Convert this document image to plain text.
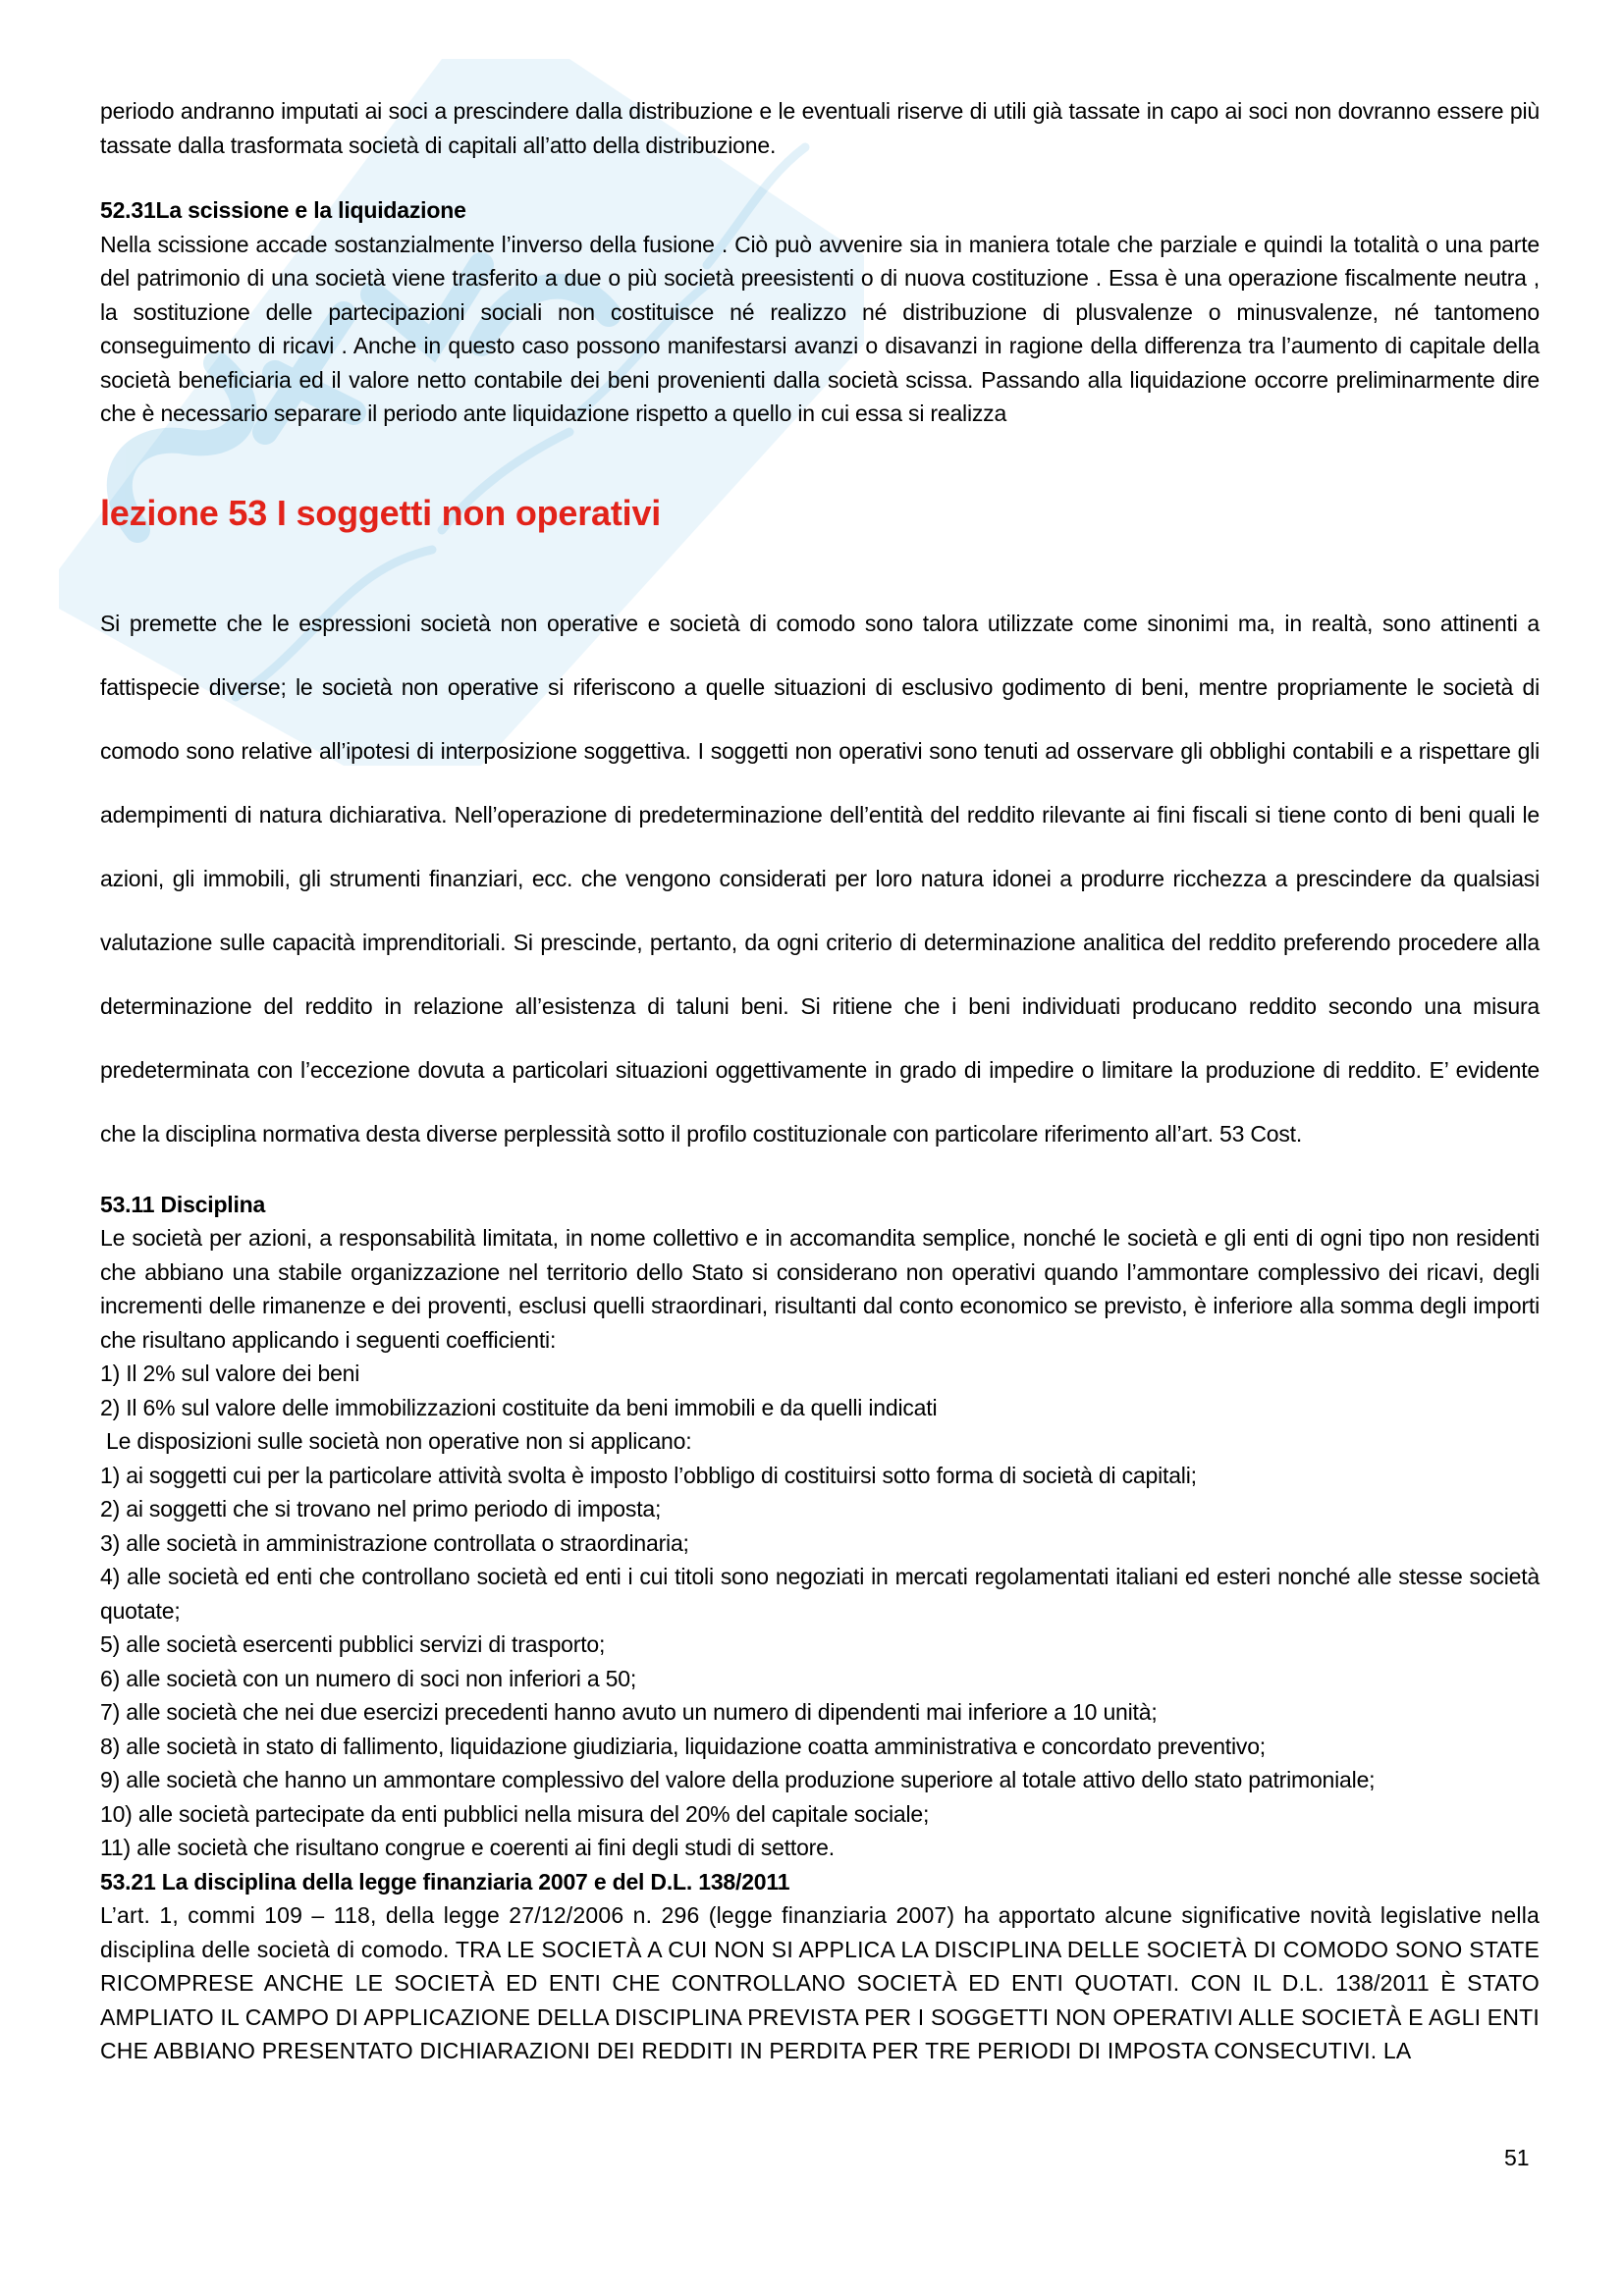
periodo andranno imputati ai soci a prescindere dalla distribuzione e le eventuali riserve di utili già tassate in capo ai soci non dovranno essere più tassate dalla trasformata società di capitali all’atto della distribuzione.

52.31La scissione e la liquidazione

Nella scissione accade sostanzialmente l’inverso della fusione . Ciò può avvenire sia in maniera totale che parziale e quindi la totalità o una parte del patrimonio di una società viene trasferito a due o più società preesistenti o di nuova costituzione . Essa è una operazione fiscalmente neutra , la sostituzione delle partecipazioni sociali non costituisce né realizzo né distribuzione di plusvalenze o minusvalenze, né tantomeno conseguimento di ricavi . Anche in questo caso possono manifestarsi avanzi o disavanzi in ragione della differenza tra l’aumento di capitale della società beneficiaria ed il valore netto contabile dei beni provenienti dalla società scissa. Passando alla liquidazione occorre preliminarmente dire che è necessario separare il periodo ante liquidazione rispetto a quello in cui essa si realizza

lezione 53 I soggetti non operativi

Si premette che le espressioni società non operative e società di comodo sono talora utilizzate come sinonimi ma, in realtà, sono attinenti a fattispecie diverse; le società non operative si riferiscono a quelle situazioni di esclusivo godimento di beni, mentre propriamente le società di comodo sono relative all’ipotesi di interposizione soggettiva. I soggetti non operativi sono tenuti ad osservare gli obblighi contabili e a rispettare gli adempimenti di natura dichiarativa. Nell’operazione di predeterminazione dell’entità del reddito rilevante ai fini fiscali si tiene conto di beni quali le azioni, gli immobili, gli strumenti finanziari, ecc. che vengono considerati per loro natura idonei a produrre ricchezza a prescindere da qualsiasi valutazione sulle capacità imprenditoriali. Si prescinde, pertanto, da ogni criterio di determinazione analitica del reddito preferendo procedere alla determinazione del reddito in relazione all’esistenza di taluni beni. Si ritiene che i beni individuati producano reddito secondo una misura predeterminata con l’eccezione dovuta a particolari situazioni oggettivamente in grado di impedire o limitare la produzione di reddito. E’ evidente che la disciplina normativa desta diverse perplessità sotto il profilo costituzionale con particolare riferimento all’art. 53 Cost.

53.11 Disciplina

Le società per azioni, a responsabilità limitata, in nome collettivo e in accomandita semplice, nonché le società e gli enti di ogni tipo non residenti che abbiano una stabile organizzazione nel territorio dello Stato si considerano non operativi quando l’ammontare complessivo dei ricavi, degli incrementi delle rimanenze e dei proventi, esclusi quelli straordinari, risultanti dal conto economico se previsto, è inferiore alla somma degli importi che risultano applicando i seguenti coefficienti:

1) Il 2% sul valore dei beni
2) Il 6% sul valore delle immobilizzazioni costituite da beni immobili e da quelli indicati
Le disposizioni sulle società non operative non si applicano:
1) ai soggetti cui per la particolare attività svolta è imposto l’obbligo di costituirsi sotto forma di società di capitali;
2) ai soggetti che si trovano nel primo periodo di imposta;
3) alle società in amministrazione controllata o straordinaria;
4) alle società ed enti che controllano società ed enti i cui titoli sono negoziati in mercati regolamentati italiani ed esteri nonché alle stesse società quotate;
5) alle società esercenti pubblici servizi di trasporto;
6) alle società con un numero di soci non inferiori a 50;
7) alle società che nei due esercizi precedenti hanno avuto un numero di dipendenti mai inferiore a 10 unità;
8) alle società in stato di fallimento, liquidazione giudiziaria, liquidazione coatta amministrativa e concordato preventivo;
9) alle società che hanno un ammontare complessivo del valore della produzione superiore al totale attivo dello stato patrimoniale;
10) alle società partecipate da enti pubblici nella misura del 20% del capitale sociale;
11) alle società che risultano congrue e coerenti ai fini degli studi di settore.
53.21 La disciplina della legge finanziaria 2007 e del D.L. 138/2011

L’art. 1, commi 109 – 118, della legge 27/12/2006 n. 296 (legge finanziaria 2007) ha apportato alcune significative novità legislative nella disciplina delle società di comodo. TRA LE SOCIETÀ A CUI NON SI APPLICA LA DISCIPLINA DELLE SOCIETÀ DI COMODO SONO STATE RICOMPRESE ANCHE LE SOCIETÀ ED ENTI CHE CONTROLLANO SOCIETÀ ED ENTI QUOTATI. CON IL D.L. 138/2011 È STATO AMPLIATO IL CAMPO DI APPLICAZIONE DELLA DISCIPLINA PREVISTA PER I SOGGETTI NON OPERATIVI ALLE SOCIETÀ E AGLI ENTI CHE ABBIANO PRESENTATO DICHIARAZIONI DEI REDDITI IN PERDITA PER TRE PERIODI DI IMPOSTA CONSECUTIVI. LA

51
